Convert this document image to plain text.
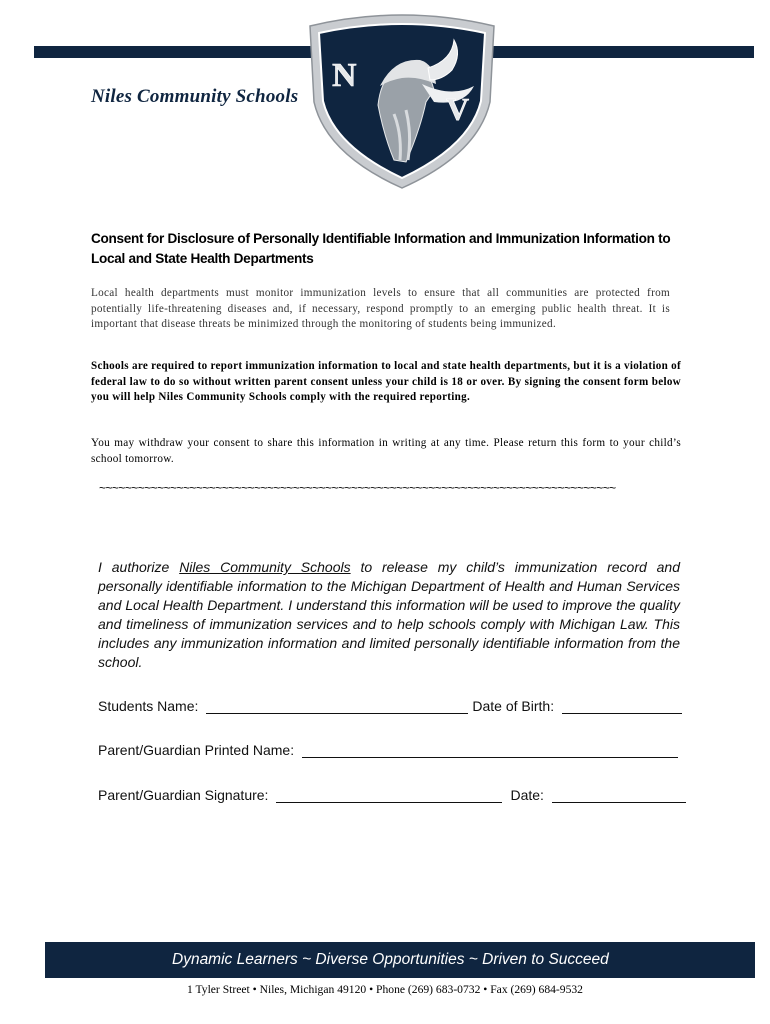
Niles Community Schools
N
V
Consent for Disclosure of Personally Identifiable Information and Immunization Information to
Local and State Health Departments
Local health departments must monitor immunization levels to ensure that all communities are protected from potentially life-threatening diseases and, if necessary, respond promptly to an emerging public health threat. It is important that disease threats be minimized through the monitoring of students being immunized.
Schools are required to report immunization information to local and state health departments, but it is a violation of federal law to do so without written parent consent unless your child is 18 or over. By signing the consent form below you will help Niles Community Schools comply with the required reporting.
You may withdraw your consent to share this information in writing at any time. Please return this form to your child’s school tomorrow.
~~~~~~~~~~~~~~~~~~~~~~~~~~~~~~~~~~~~~~~~~~~~~~~~~~~~~~~~~~~~~~~~~~~~~~~~~~~~~~~~
I authorize Niles Community Schools to release my child’s immunization record and personally identifiable information to the Michigan Department of Health and Human Services and Local Health Department. I understand this information will be used to improve the quality and timeliness of immunization services and to help schools comply with Michigan Law. This includes any immunization information and limited personally identifiable information from the school.
Students Name:	Date of Birth:
Parent/Guardian Printed Name:
Parent/Guardian Signature:	Date:
Dynamic Learners ~ Diverse Opportunities ~ Driven to Succeed
1 Tyler Street • Niles, Michigan 49120 • Phone (269) 683-0732 • Fax (269) 684-9532
